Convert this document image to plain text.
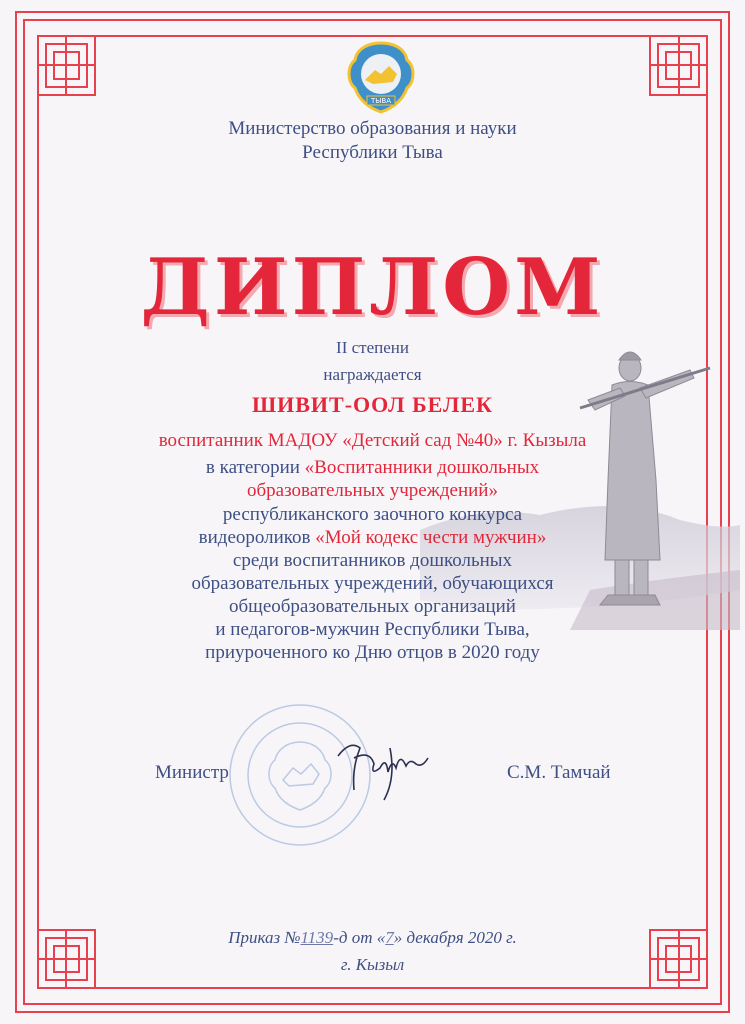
ТЫВА
Министерство образования и науки
Республики Тыва
ДИПЛОМ
II степени
награждается
ШИВИТ-ООЛ БЕЛЕК
воспитанник МАДОУ «Детский сад №40» г. Кызыла
в категории «Воспитанники дошкольных
образовательных учреждений»
республиканского заочного конкурса
видеороликов «Мой кодекс чести мужчин»
среди воспитанников дошкольных
образовательных учреждений, обучающихся
общеобразовательных организаций
и педагогов-мужчин Республики Тыва,
приуроченного ко Дню отцов в 2020 году
Министр	С.М. Тамчай
Приказ №1139-д от «7» декабря 2020 г.
г. Кызыл
